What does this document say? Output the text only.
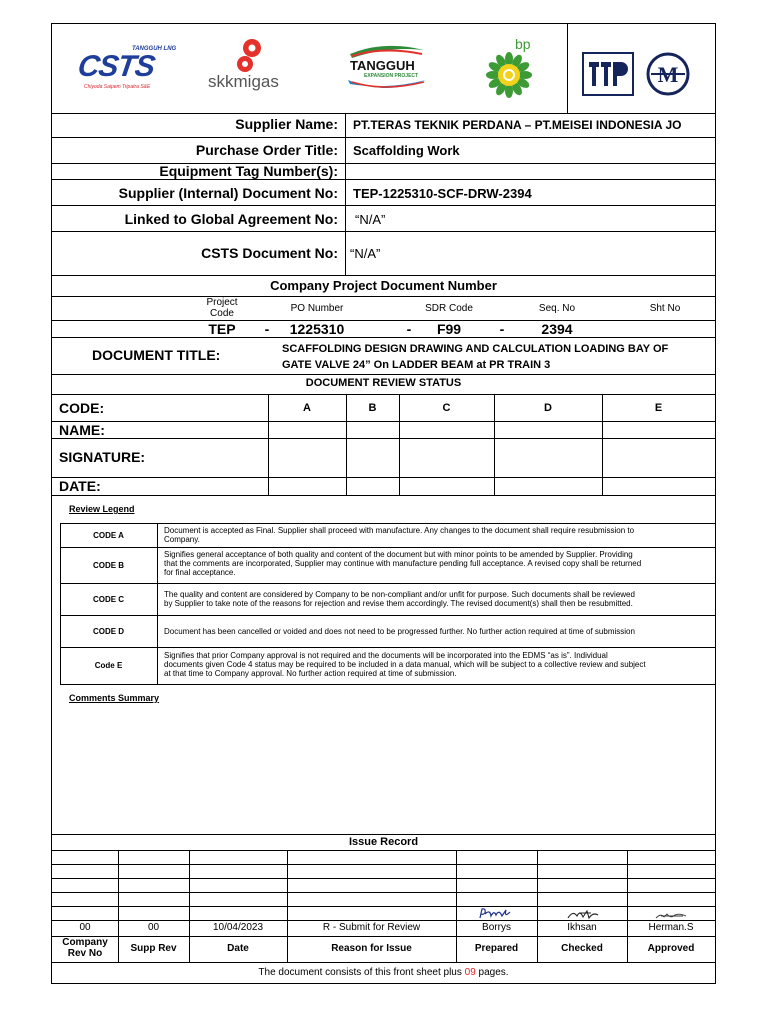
TANGGUH LNG
CSTS
Chiyoda Saipem Tripatra S&E	skkmigas
TANGGUH
EXPANSION PROJECT
bp
M
Supplier Name: PT.TERAS TEKNIK PERDANA – PT.MEISEI INDONESIA JO
Purchase Order Title: Scaffolding Work
Equipment Tag Number(s):
Supplier (Internal) Document No: TEP-1225310-SCF-DRW-2394
Linked to Global Agreement No: “N/A”
CSTS Document No: “N/A”
Company Project Document Number
Project
Code	PO Number	SDR Code	Seq. No	Sht No
TEP	-	1225310	-	F99	-	2394
DOCUMENT TITLE:	SCAFFOLDING DESIGN DRAWING AND CALCULATION LOADING BAY OF
GATE VALVE 24” On LADDER BEAM at PR TRAIN 3
DOCUMENT REVIEW STATUS
CODE:	A	B	C	D	E
NAME:
SIGNATURE:
DATE:
Review Legend
CODE A
Document is accepted as Final. Supplier shall proceed with manufacture. Any changes to the document shall require resubmission to
Company.
CODE B
Signifies general acceptance of both quality and content of the document but with minor points to be amended by Supplier. Providing
that the comments are incorporated, Supplier may continue with manufacture pending full acceptance. A revised copy shall be returned
for final acceptance.
CODE C
The quality and content are considered by Company to be non-compliant and/or unfit for purpose. Such documents shall be reviewed
by Supplier to take note of the reasons for rejection and revise them accordingly. The revised document(s) shall then be resubmitted.
CODE D	Document has been cancelled or voided and does not need to be progressed further. No further action required at time of submission
Code E
Signifies that prior Company approval is not required and the documents will be incorporated into the EDMS “as is”. Individual
documents given Code 4 status may be required to be included in a data manual, which will be subject to a collective review and subject
at that time to Company approval. No further action required at time of submission.
Comments Summary
Issue Record
00	00	10/04/2023	R - Submit for Review	Borrys	Ikhsan	Herman.S
Company
Rev No	Supp Rev	Date	Reason for Issue	Prepared	Checked	Approved
The document consists of this front sheet plus 09 pages.
